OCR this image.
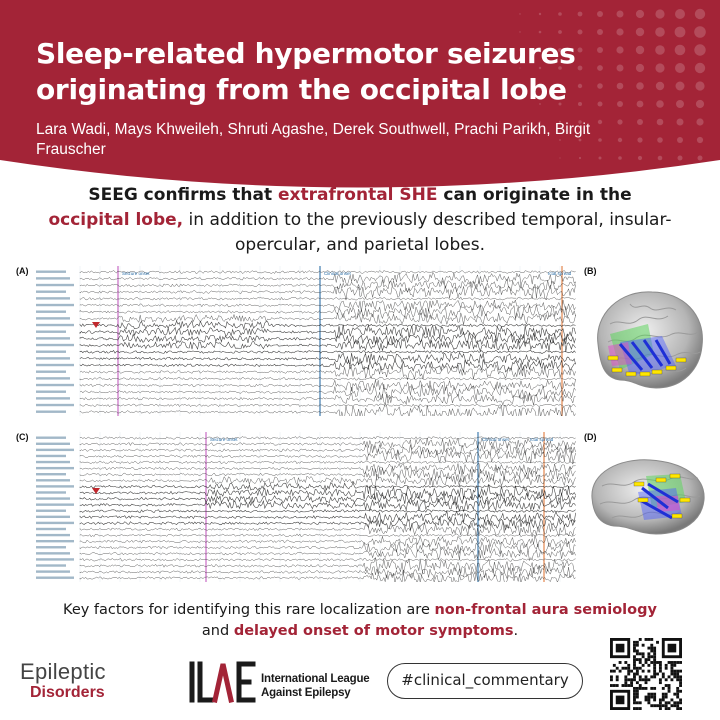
Sleep-related hypermotor seizures originating from the occipital lobe

Lara Wadi, Mays Khweileh, Shruti Agashe, Derek Southwell, Prachi Parikh, Birgit Frauscher

SEEG confirms that extrafrontal SHE can originate in the
occipital lobe, in addition to the previously described temporal, insular-opercular, and parietal lobes.

(A)	(B)
(C)	(D)
Seizure onset	Clinical onset	Ictal spread
Seizure onset	Clinical onset	Ictal spread

Key factors for identifying this rare localization are non-frontal aura semiology
and delayed onset of motor symptoms.

Epileptic
Disorders
International League
Against Epilepsy
#clinical_commentary
